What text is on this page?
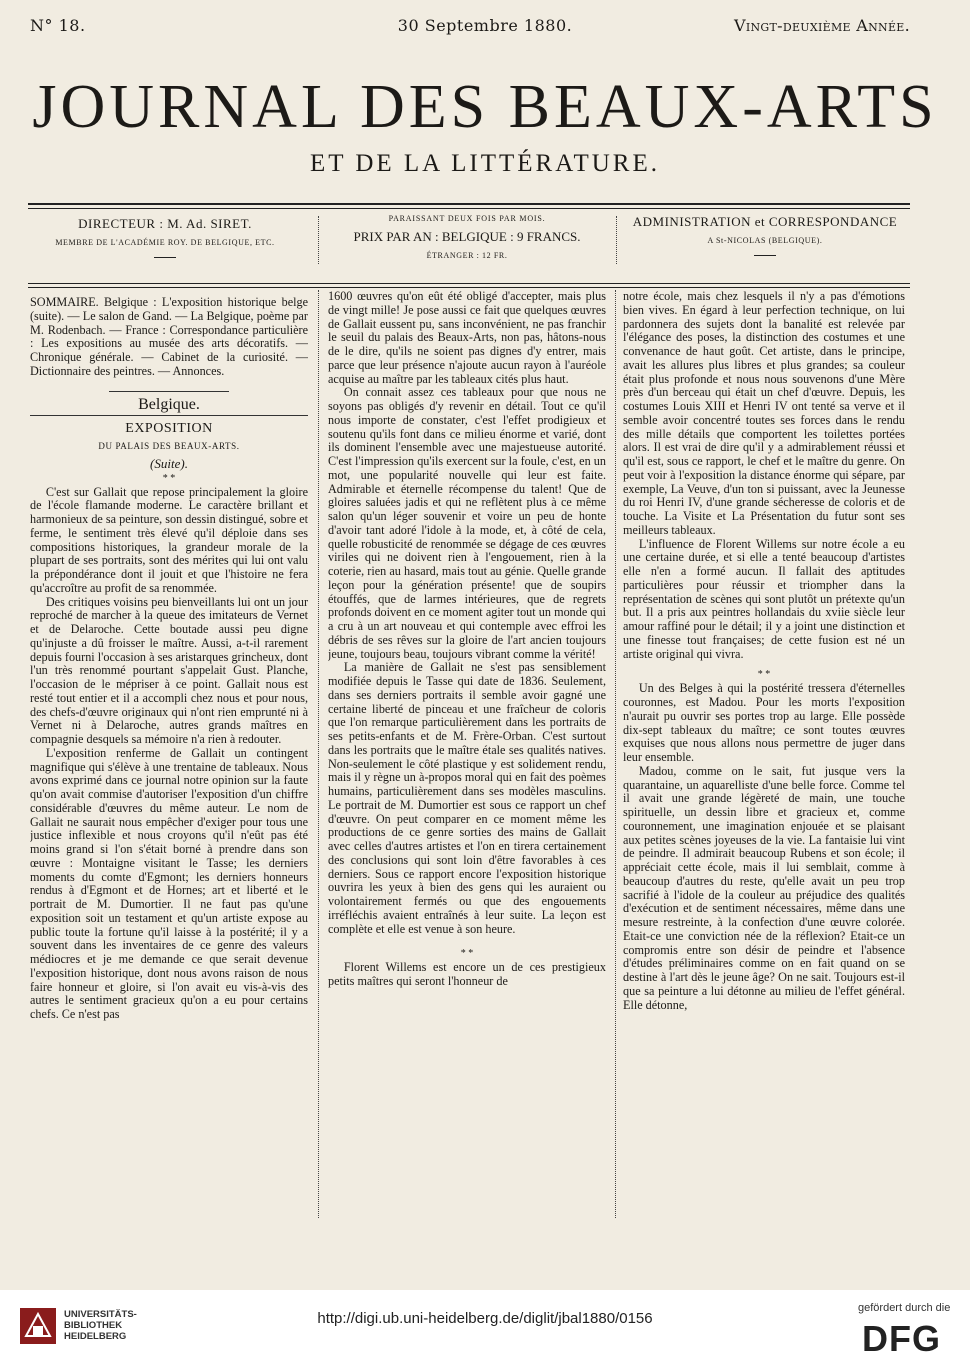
N° 18.	30 Septembre 1880.	Vingt-deuxième Année.
JOURNAL DES BEAUX-ARTS
ET DE LA LITTÉRATURE.
DIRECTEUR : M. Ad. SIRET.
MEMBRE DE L'ACADÉMIE ROY. DE BELGIQUE, ETC.
PARAISSANT DEUX FOIS PAR MOIS.
PRIX PAR AN : BELGIQUE : 9 FRANCS.
ÉTRANGER : 12 FR.
ADMINISTRATION et CORRESPONDANCE
A St-NICOLAS (BELGIQUE).
SOMMAIRE. Belgique : L'exposition historique belge (suite). — Le salon de Gand. — La Belgique, poème par M. Rodenbach. — France : Correspondance particulière : Les expositions au musée des arts décoratifs. — Chronique générale. — Cabinet de la curiosité. — Dictionnaire des peintres. — Annonces.
Belgique.
EXPOSITION
DU PALAIS DES BEAUX-ARTS.
(Suite).
* *

C'est sur Gallait que repose principalement la gloire de l'école flamande moderne. Le caractère brillant et harmonieux de sa peinture, son dessin distingué, sobre et ferme, le sentiment très élevé qu'il déploie dans ses compositions historiques, la grandeur morale de la plupart de ses portraits, sont des mérites qui lui ont valu la prépondérance dont il jouit et que l'histoire ne fera qu'accroître au profit de sa renommée.

Des critiques voisins peu bienveillants lui ont un jour reproché de marcher à la queue des imitateurs de Vernet et de Delaroche. Cette boutade aussi peu digne qu'injuste a dû froisser le maître. Aussi, a-t-il rarement depuis fourni l'occasion à ses aristarques grincheux, dont l'un très renommé pourtant s'appelait Gust. Planche, l'occasion de le mépriser à ce point. Gallait nous est resté tout entier et il a accompli chez nous et pour nous, des chefs-d'œuvre originaux qui n'ont rien emprunté ni à Vernet ni à Delaroche, autres grands maîtres en compagnie desquels sa mémoire n'a rien à redouter.

L'exposition renferme de Gallait un contingent magnifique qui s'élève à une trentaine de tableaux. Nous avons exprimé dans ce journal notre opinion sur la faute qu'on avait commise d'autoriser l'exposition d'un chiffre considérable d'œuvres du même auteur. Le nom de Gallait ne saurait nous empêcher d'exiger pour tous une justice inflexible et nous croyons qu'il n'eût pas été moins grand si l'on s'était borné à prendre dans son œuvre : Montaigne visitant le Tasse; les derniers moments du comte d'Egmont; les derniers honneurs rendus à d'Egmont et de Hornes; art et liberté et le portrait de M. Dumortier. Il ne faut pas qu'une exposition soit un testament et qu'un artiste expose au public toute la fortune qu'il laisse à la postérité; il y a souvent dans les inventaires de ce genre des valeurs médiocres et je me demande ce que serait devenue l'exposition historique, dont nous avons raison de nous faire honneur et gloire, si l'on avait eu vis-à-vis des autres le sentiment gracieux qu'on a eu pour certains chefs. Ce n'est pas

1600 œuvres qu'on eût été obligé d'accepter, mais plus de vingt mille! Je pose aussi ce fait que quelques œuvres de Gallait eussent pu, sans inconvénient, ne pas franchir le seuil du palais des Beaux-Arts, non pas, hâtons-nous de le dire, qu'ils ne soient pas dignes d'y entrer, mais parce que leur présence n'ajoute aucun rayon à l'auréole acquise au maître par les tableaux cités plus haut.

On connait assez ces tableaux pour que nous ne soyons pas obligés d'y revenir en détail. Tout ce qu'il nous importe de constater, c'est l'effet prodigieux et soutenu qu'ils font dans ce milieu énorme et varié, dont ils dominent l'ensemble avec une majestueuse autorité. C'est l'impression qu'ils exercent sur la foule, c'est, en un mot, une popularité nouvelle qui leur est faite. Admirable et éternelle récompense du talent! Que de gloires saluées jadis et qui ne reflètent plus à ce même salon qu'un léger souvenir et voire un peu de honte d'avoir tant adoré l'idole à la mode, et, à côté de cela, quelle robusticité de renommée se dégage de ces œuvres viriles qui ne doivent rien à l'engouement, rien à la coterie, rien au hasard, mais tout au génie. Quelle grande leçon pour la génération présente! que de soupirs étouffés, que de larmes intérieures, que de regrets profonds doivent en ce moment agiter tout un monde qui a cru à un art nouveau et qui contemple avec effroi les débris de ses rêves sur la gloire de l'art ancien toujours jeune, toujours beau, toujours vibrant comme la vérité!

La manière de Gallait ne s'est pas sensiblement modifiée depuis le Tasse qui date de 1836. Seulement, dans ses derniers portraits il semble avoir gagné une certaine liberté de pinceau et une fraîcheur de coloris que l'on remarque particulièrement dans les portraits de ses petits-enfants et de M. Frère-Orban. C'est surtout dans les portraits que le maître étale ses qualités natives. Non-seulement le côté plastique y est solidement rendu, mais il y règne un à-propos moral qui en fait des poèmes humains, particulièrement dans ses modèles masculins. Le portrait de M. Dumortier est sous ce rapport un chef d'œuvre. On peut comparer en ce moment même les productions de ce genre sorties des mains de Gallait avec celles d'autres artistes et l'on en tirera certainement des conclusions qui sont loin d'être favorables à ces derniers. Sous ce rapport encore l'exposition historique ouvrira les yeux à bien des gens qui les auraient ou volontairement fermés ou que des engouements irréfléchis avaient entraînés à leur suite. La leçon est complète et elle est venue à son heure.

* *

Florent Willems est encore un de ces prestigieux petits maîtres qui seront l'honneur de

notre école, mais chez lesquels il n'y a pas d'émotions bien vives. En égard à leur perfection technique, on lui pardonnera des sujets dont la banalité est relevée par l'élégance des poses, la distinction des costumes et une convenance de haut goût. Cet artiste, dans le principe, avait les allures plus libres et plus grandes; sa couleur était plus profonde et nous nous souvenons d'une Mère près d'un berceau qui était un chef d'œuvre. Depuis, les costumes Louis XIII et Henri IV ont tenté sa verve et il semble avoir concentré toutes ses forces dans le rendu des mille détails que comportent les toilettes portées alors. Il est vrai de dire qu'il y a admirablement réussi et qu'il est, sous ce rapport, le chef et le maître du genre. On peut voir à l'exposition la distance énorme qui sépare, par exemple, La Veuve, d'un ton si puissant, avec la Jeunesse du roi Henri IV, d'une grande sécheresse de coloris et de touche. La Visite et La Présentation du futur sont ses meilleurs tableaux.

L'influence de Florent Willems sur notre école a eu une certaine durée, et si elle a tenté beaucoup d'artistes elle n'en a formé aucun. Il fallait des aptitudes particulières pour réussir et triompher dans la représentation de scènes qui sont plutôt un prétexte qu'un but. Il a pris aux peintres hollandais du xviie siècle leur amour raffiné pour le détail; il y a joint une distinction et une finesse tout françaises; de cette fusion est né un artiste original qui vivra.

* *

Un des Belges à qui la postérité tressera d'éternelles couronnes, est Madou. Pour les morts l'exposition n'aurait pu ouvrir ses portes trop au large. Elle possède dix-sept tableaux du maître; ce sont toutes œuvres exquises que nous allons nous permettre de juger dans leur ensemble.

Madou, comme on le sait, fut jusque vers la quarantaine, un aquarelliste d'une belle force. Comme tel il avait une grande légèreté de main, une touche spirituelle, un dessin libre et gracieux et, comme couronnement, une imagination enjouée et se plaisant aux petites scènes joyeuses de la vie. La fantaisie lui vint de peindre. Il admirait beaucoup Rubens et son école; il appréciait cette école, mais il lui semblait, comme à beaucoup d'autres du reste, qu'elle avait un peu trop sacrifié à l'idole de la couleur au préjudice des qualités d'exécution et de sentiment nécessaires, même dans une mesure restreinte, à la confection d'une œuvre colorée. Etait-ce une conviction née de la réflexion? Etait-ce un compromis entre son désir de peindre et l'absence d'études préliminaires comme on en fait quand on se destine à l'art dès le jeune âge? On ne sait. Toujours est-il que sa peinture a lui détonne au milieu de l'effet général. Elle détonne,

UNIVERSITÄTS-
BIBLIOTHEK
HEIDELBERG
http://digi.ub.uni-heidelberg.de/diglit/jbal1880/0156
gefördert durch die
DFG
